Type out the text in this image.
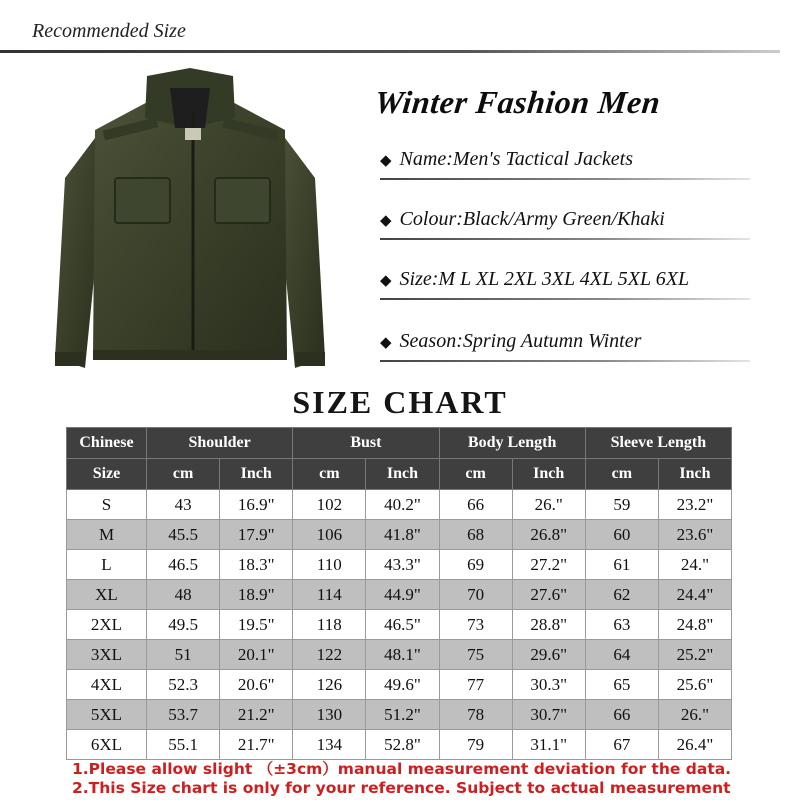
Recommended Size
Winter Fashion Men
◆ Name:Men's Tactical Jackets
◆ Colour:Black/Army Green/Khaki
◆ Size:M L XL 2XL 3XL 4XL 5XL 6XL
◆ Season:Spring Autumn Winter
SIZE CHART
Chinese	Shoulder		Bust		Body Length		Sleeve Length	
Size	cm	Inch	cm	Inch	cm	Inch	cm	Inch
S	43	16.9"	102	40.2"	66	26."	59	23.2"
M	45.5	17.9"	106	41.8"	68	26.8"	60	23.6"
L	46.5	18.3"	110	43.3"	69	27.2"	61	24."
XL	48	18.9"	114	44.9"	70	27.6"	62	24.4"
2XL	49.5	19.5"	118	46.5"	73	28.8"	63	24.8"
3XL	51	20.1"	122	48.1"	75	29.6"	64	25.2"
4XL	52.3	20.6"	126	49.6"	77	30.3"	65	25.6"
5XL	53.7	21.2"	130	51.2"	78	30.7"	66	26."
6XL	55.1	21.7"	134	52.8"	79	31.1"	67	26.4"
1.Please allow slight （±3cm）manual measurement deviation for the data.
2.This Size chart is only for your reference. Subject to actual measurement
